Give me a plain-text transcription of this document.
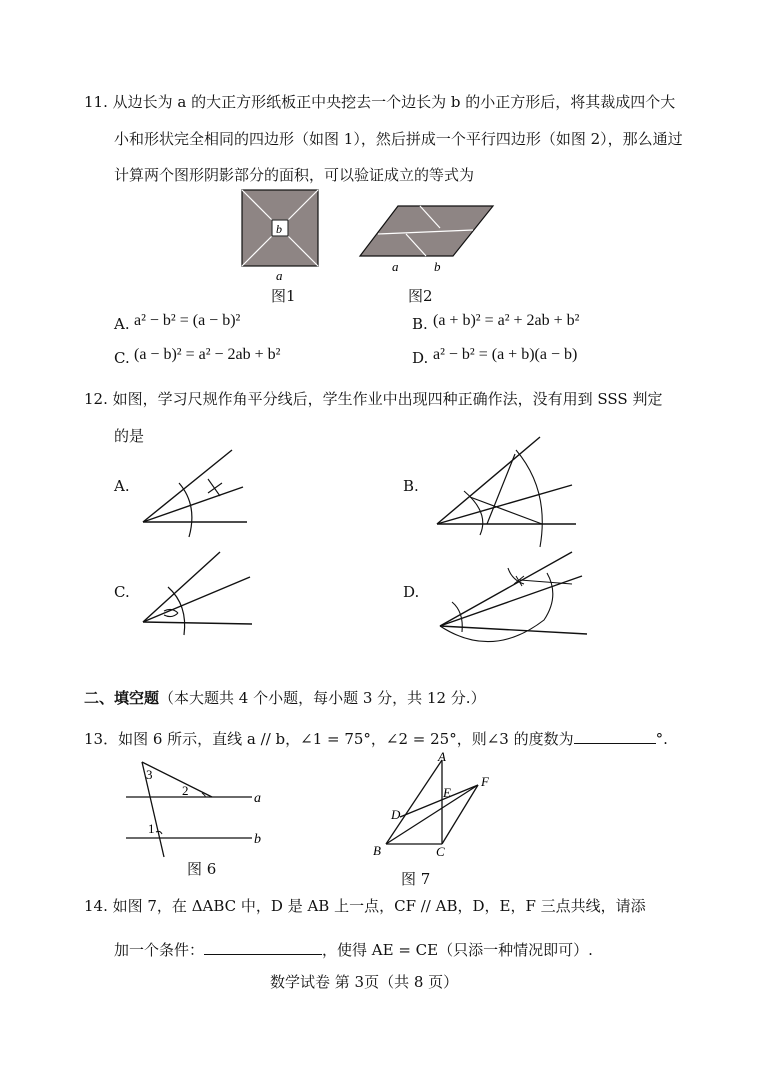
11. 从边长为 a 的大正方形纸板正中央挖去一个边长为 b 的小正方形后，将其裁成四个大
小和形状完全相同的四边形（如图 1），然后拼成一个平行四边形（如图 2），那么通过
计算两个图形阴影部分的面积，可以验证成立的等式为
b
a
图1
a	b
图2
A. a² − b² = (a − b)²	B. (a + b)² = a² + 2ab + b²
C. (a − b)² = a² − 2ab + b²	D. a² − b² = (a + b)(a − b)
12. 如图，学习尺规作角平分线后，学生作业中出现四种正确作法，没有用到 SSS 判定
的是
A.	B.
C.	D.
二、填空题（本大题共 4 个小题，每小题 3 分，共 12 分.）
13．如图 6 所示，直线 a // b，∠1 = 75°，∠2 = 25°，则∠3 的度数为	°.
3
2
1
a
b
图 6
A
E
F
D
B	C
图 7
14. 如图 7，在 ΔABC 中，D 是 AB 上一点，CF // AB，D，E，F 三点共线，请添
加一个条件：	，使得 AE = CE（只添一种情况即可）.
数学试卷 第 3页（共 8 页）
